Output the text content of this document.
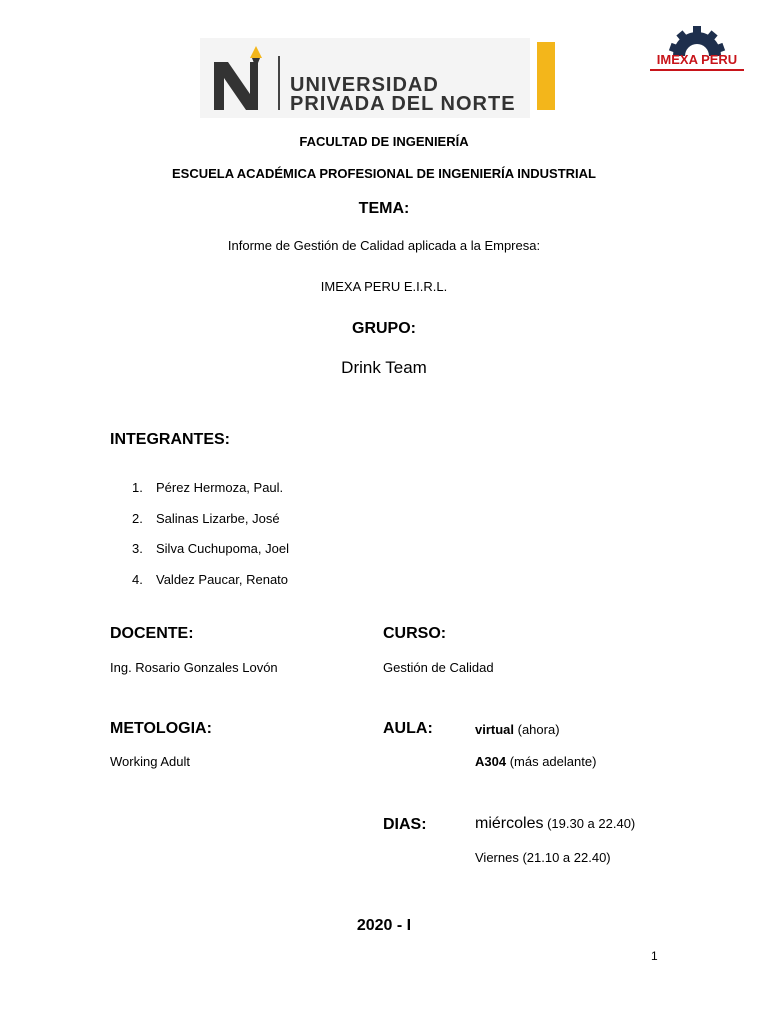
UNIVERSIDAD
PRIVADA DEL NORTE
IMEXA PERU
FACULTAD DE INGENIERÍA
ESCUELA ACADÉMICA PROFESIONAL DE INGENIERÍA INDUSTRIAL
TEMA:
Informe de Gestión de Calidad aplicada a la Empresa:
IMEXA PERU E.I.R.L.
GRUPO:
Drink Team
INTEGRANTES:
1. Pérez Hermoza, Paul.
2. Salinas Lizarbe, José
3. Silva Cuchupoma, Joel
4. Valdez Paucar, Renato
DOCENTE:
Ing. Rosario Gonzales Lovón
CURSO:
Gestión de Calidad
METOLOGIA:
Working Adult
AULA:	virtual (ahora)
A304 (más adelante)
DIAS:	miércoles (19.30 a 22.40)
Viernes (21.10 a 22.40)
2020 - I
1
